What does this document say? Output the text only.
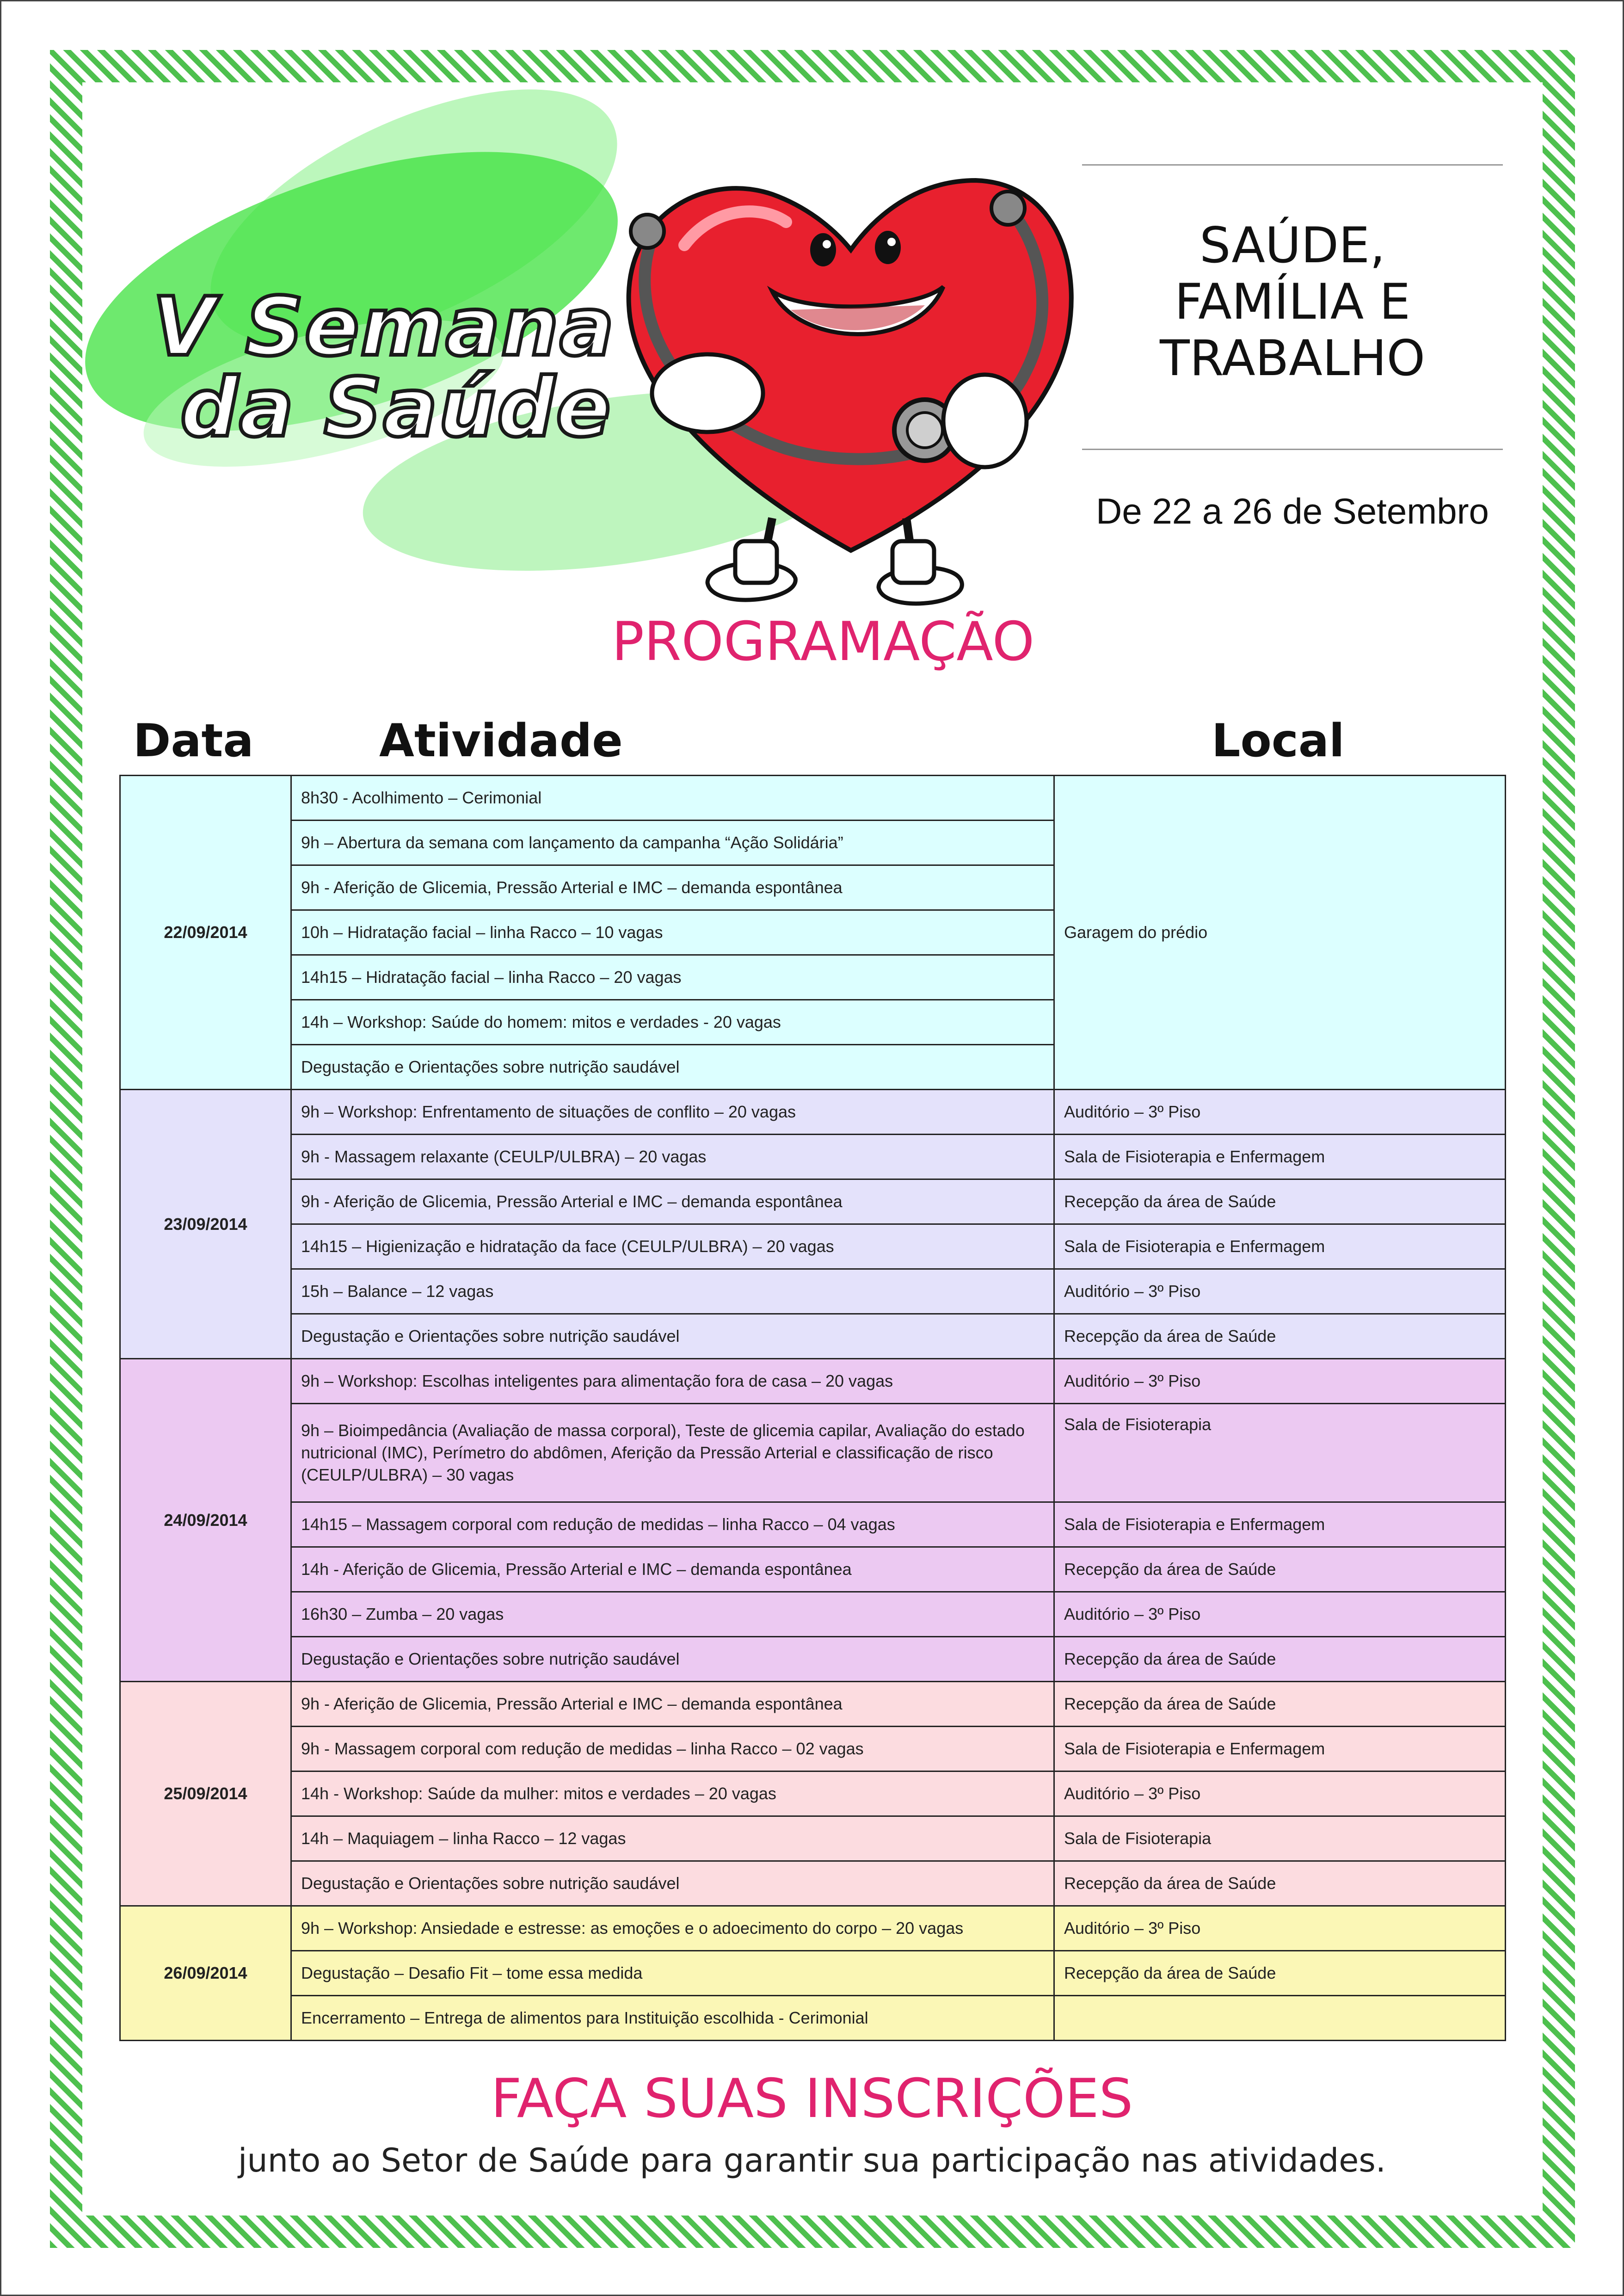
V Semana
da Saúde
SAÚDE,
FAMÍLIA E
TRABALHO
De 22 a 26 de Setembro
PROGRAMAÇÃO
Data	Atividade	Local
22/09/2014	8h30 - Acolhimento – Cerimonial	Garagem do prédio
	9h – Abertura da semana com lançamento da campanha “Ação Solidária”	
	9h - Aferição de Glicemia, Pressão Arterial e IMC – demanda espontânea	
	10h – Hidratação facial – linha Racco – 10 vagas	
	14h15 – Hidratação facial – linha Racco – 20 vagas	
	14h – Workshop: Saúde do homem: mitos e verdades - 20 vagas	
	Degustação e Orientações sobre nutrição saudável	
23/09/2014	9h – Workshop: Enfrentamento de situações de conflito – 20 vagas	Auditório – 3º Piso
	9h - Massagem relaxante (CEULP/ULBRA) – 20 vagas	Sala de Fisioterapia e Enfermagem
	9h - Aferição de Glicemia, Pressão Arterial e IMC – demanda espontânea	Recepção da área de Saúde
	14h15 – Higienização e hidratação da face (CEULP/ULBRA) – 20 vagas	Sala de Fisioterapia e Enfermagem
	15h – Balance – 12 vagas	Auditório – 3º Piso
	Degustação e Orientações sobre nutrição saudável	Recepção da área de Saúde
24/09/2014	9h – Workshop: Escolhas inteligentes para alimentação fora de casa – 20 vagas	Auditório – 3º Piso
	9h – Bioimpedância (Avaliação de massa corporal), Teste de glicemia capilar, Avaliação do estado nutricional (IMC), Perímetro do abdômen, Aferição da Pressão Arterial e classificação de risco (CEULP/ULBRA) – 30 vagas	Sala de Fisioterapia
	14h15 – Massagem corporal com redução de medidas – linha Racco – 04 vagas	Sala de Fisioterapia e Enfermagem
	14h - Aferição de Glicemia, Pressão Arterial e IMC – demanda espontânea	Recepção da área de Saúde
	16h30 – Zumba – 20 vagas	Auditório – 3º Piso
	Degustação e Orientações sobre nutrição saudável	Recepção da área de Saúde
25/09/2014	9h - Aferição de Glicemia, Pressão Arterial e IMC – demanda espontânea	Recepção da área de Saúde
	9h - Massagem corporal com redução de medidas – linha Racco – 02 vagas	Sala de Fisioterapia e Enfermagem
	14h - Workshop: Saúde da mulher: mitos e verdades – 20 vagas	Auditório – 3º Piso
	14h – Maquiagem – linha Racco – 12 vagas	Sala de Fisioterapia
	Degustação e Orientações sobre nutrição saudável	Recepção da área de Saúde
26/09/2014	9h – Workshop: Ansiedade e estresse: as emoções e o adoecimento do corpo – 20 vagas	Auditório – 3º Piso
	Degustação – Desafio Fit – tome essa medida	Recepção da área de Saúde
	Encerramento – Entrega de alimentos para Instituição escolhida - Cerimonial	
FAÇA SUAS INSCRIÇÕES
junto ao Setor de Saúde para garantir sua participação nas atividades.
